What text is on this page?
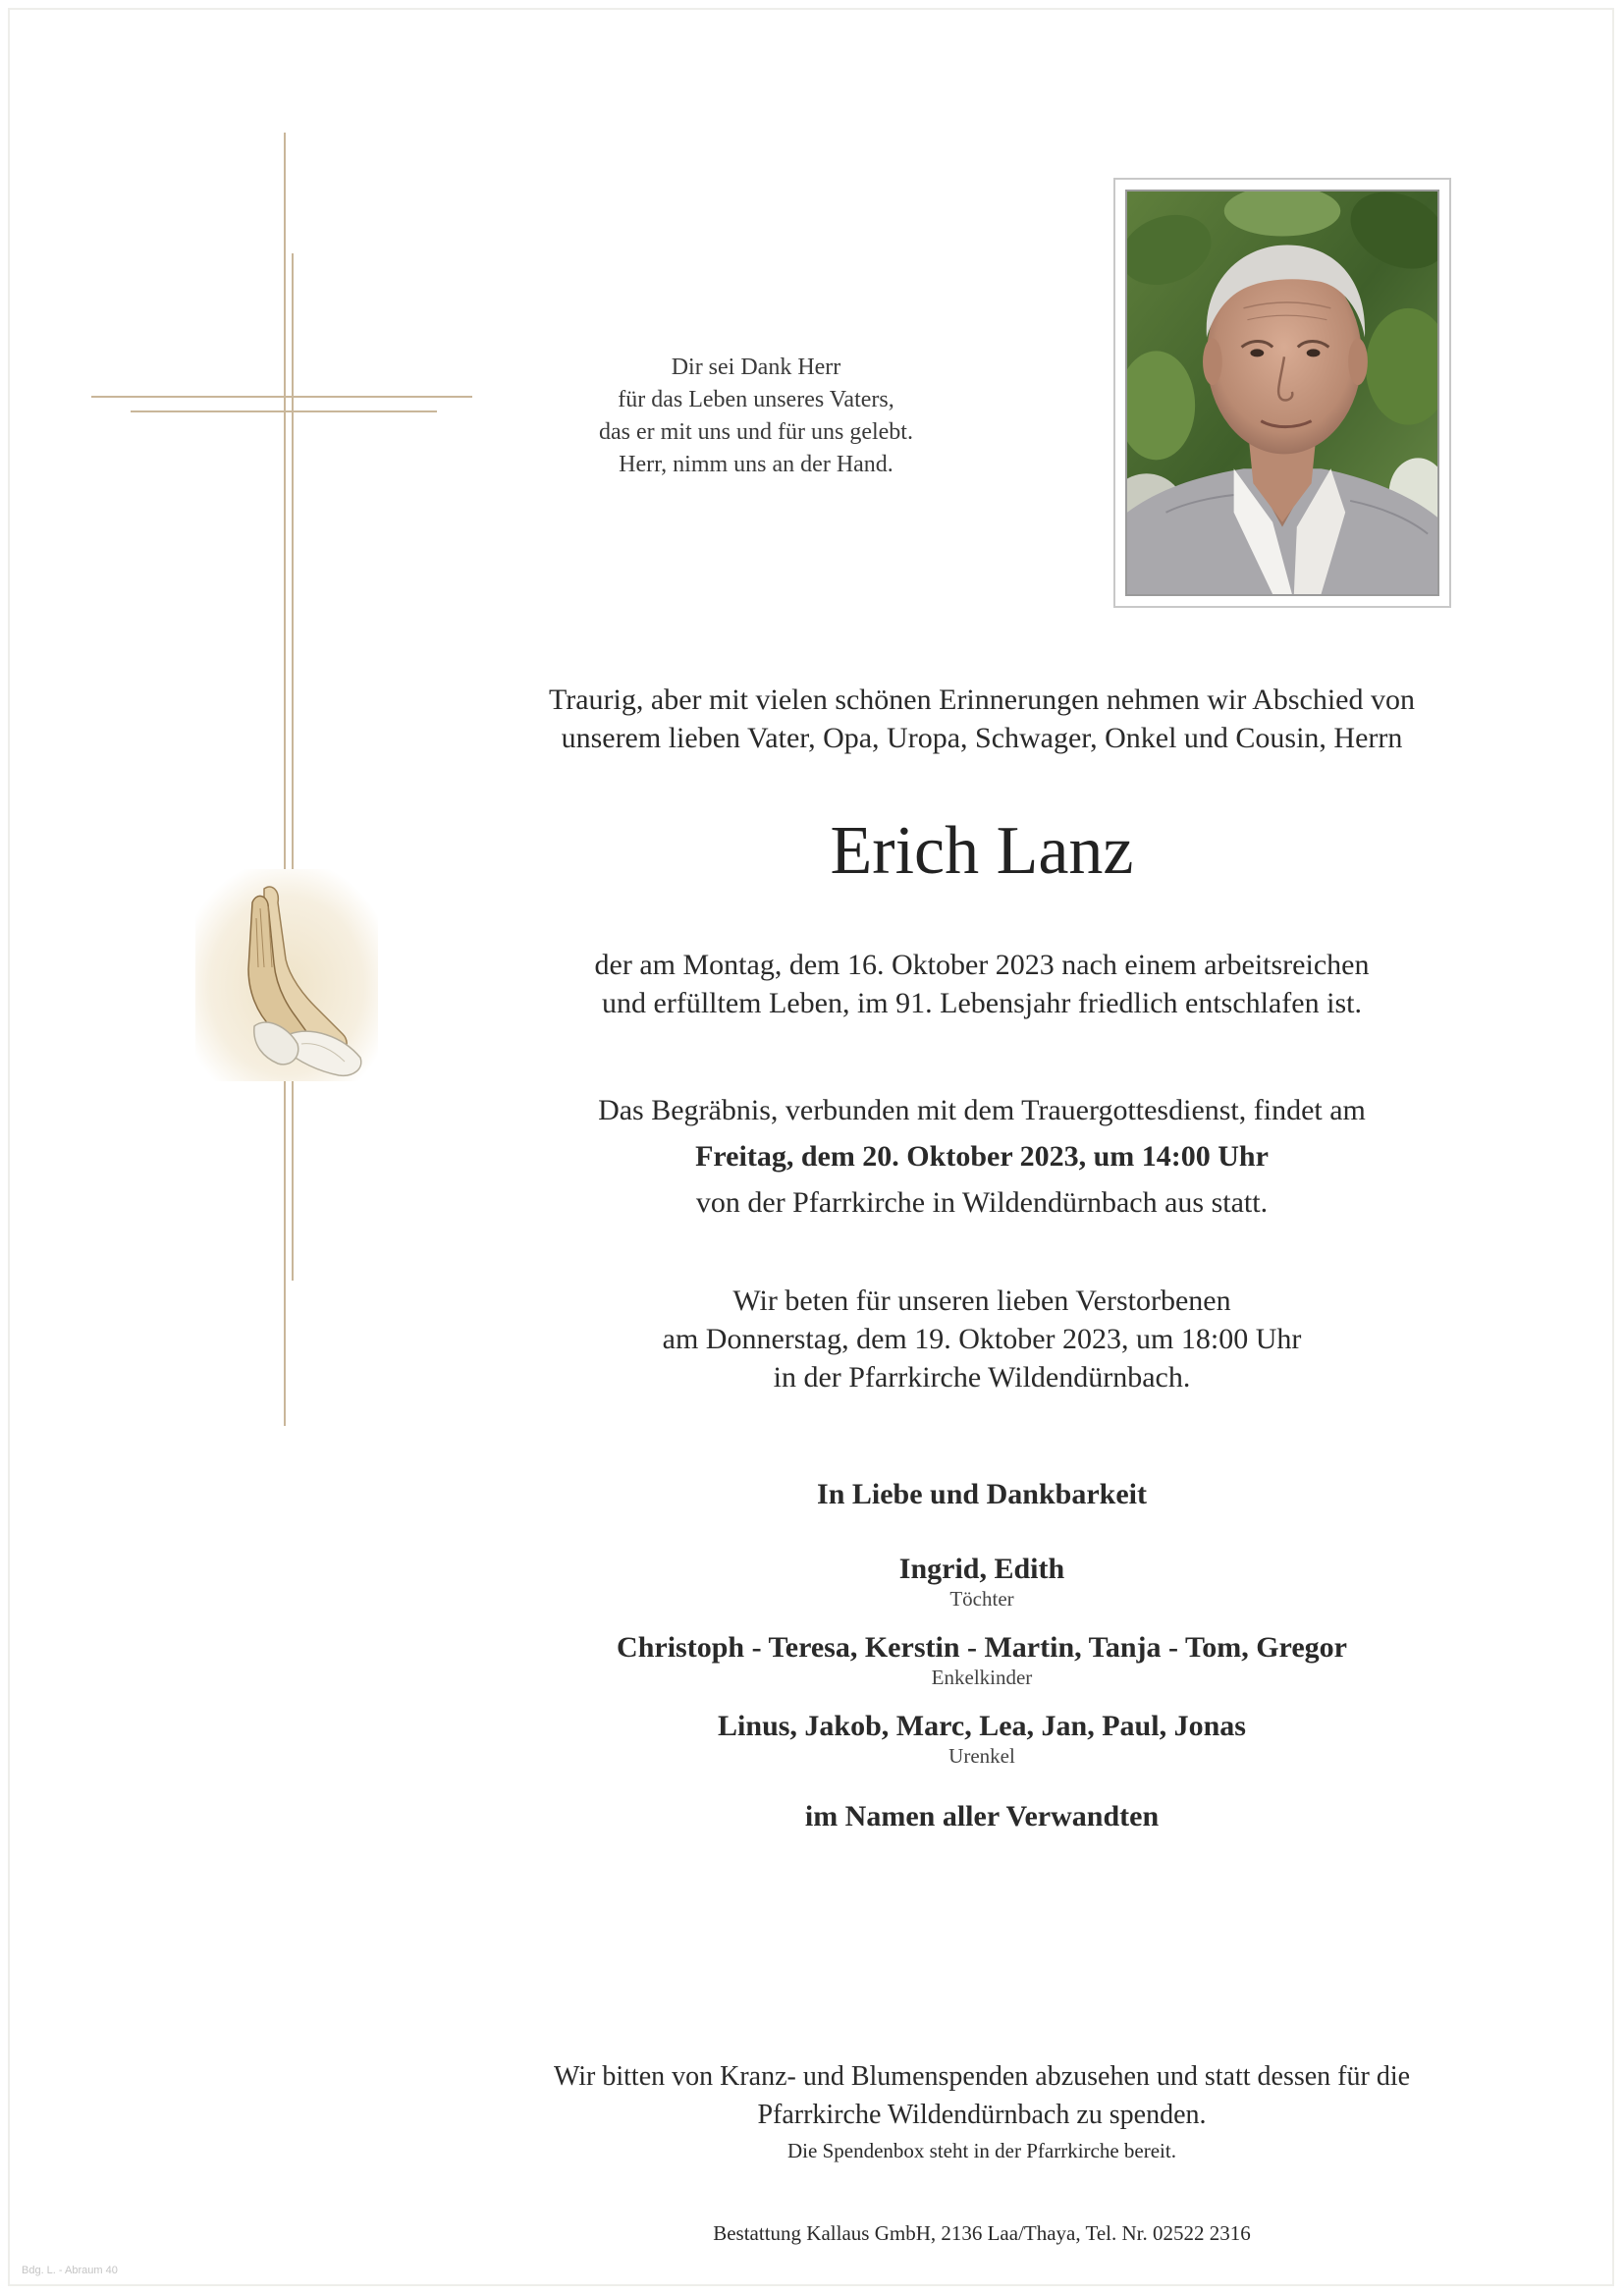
Dir sei Dank Herr
für das Leben unseres Vaters,
das er mit uns und für uns gelebt.
Herr, nimm uns an der Hand.
Traurig, aber mit vielen schönen Erinnerungen nehmen wir Abschied von
unserem lieben Vater, Opa, Uropa, Schwager, Onkel und Cousin, Herrn
Erich Lanz
der am Montag, dem 16. Oktober 2023 nach einem arbeitsreichen
und erfülltem Leben, im 91. Lebensjahr friedlich entschlafen ist.
Das Begräbnis, verbunden mit dem Trauergottesdienst, findet am
Freitag, dem 20. Oktober 2023, um 14:00 Uhr
von der Pfarrkirche in Wildendürnbach aus statt.
Wir beten für unseren lieben Verstorbenen
am Donnerstag, dem 19. Oktober 2023, um 18:00 Uhr
in der Pfarrkirche Wildendürnbach.
In Liebe und Dankbarkeit
Ingrid, Edith
Töchter
Christoph - Teresa, Kerstin - Martin, Tanja - Tom, Gregor
Enkelkinder
Linus, Jakob, Marc, Lea, Jan, Paul, Jonas
Urenkel
im Namen aller Verwandten
Wir bitten von Kranz- und Blumenspenden abzusehen und statt dessen für die
Pfarrkirche Wildendürnbach zu spenden.
Die Spendenbox steht in der Pfarrkirche bereit.
Bestattung Kallaus GmbH, 2136 Laa/Thaya, Tel. Nr. 02522 2316
Bdg. L. - Abraum 40
